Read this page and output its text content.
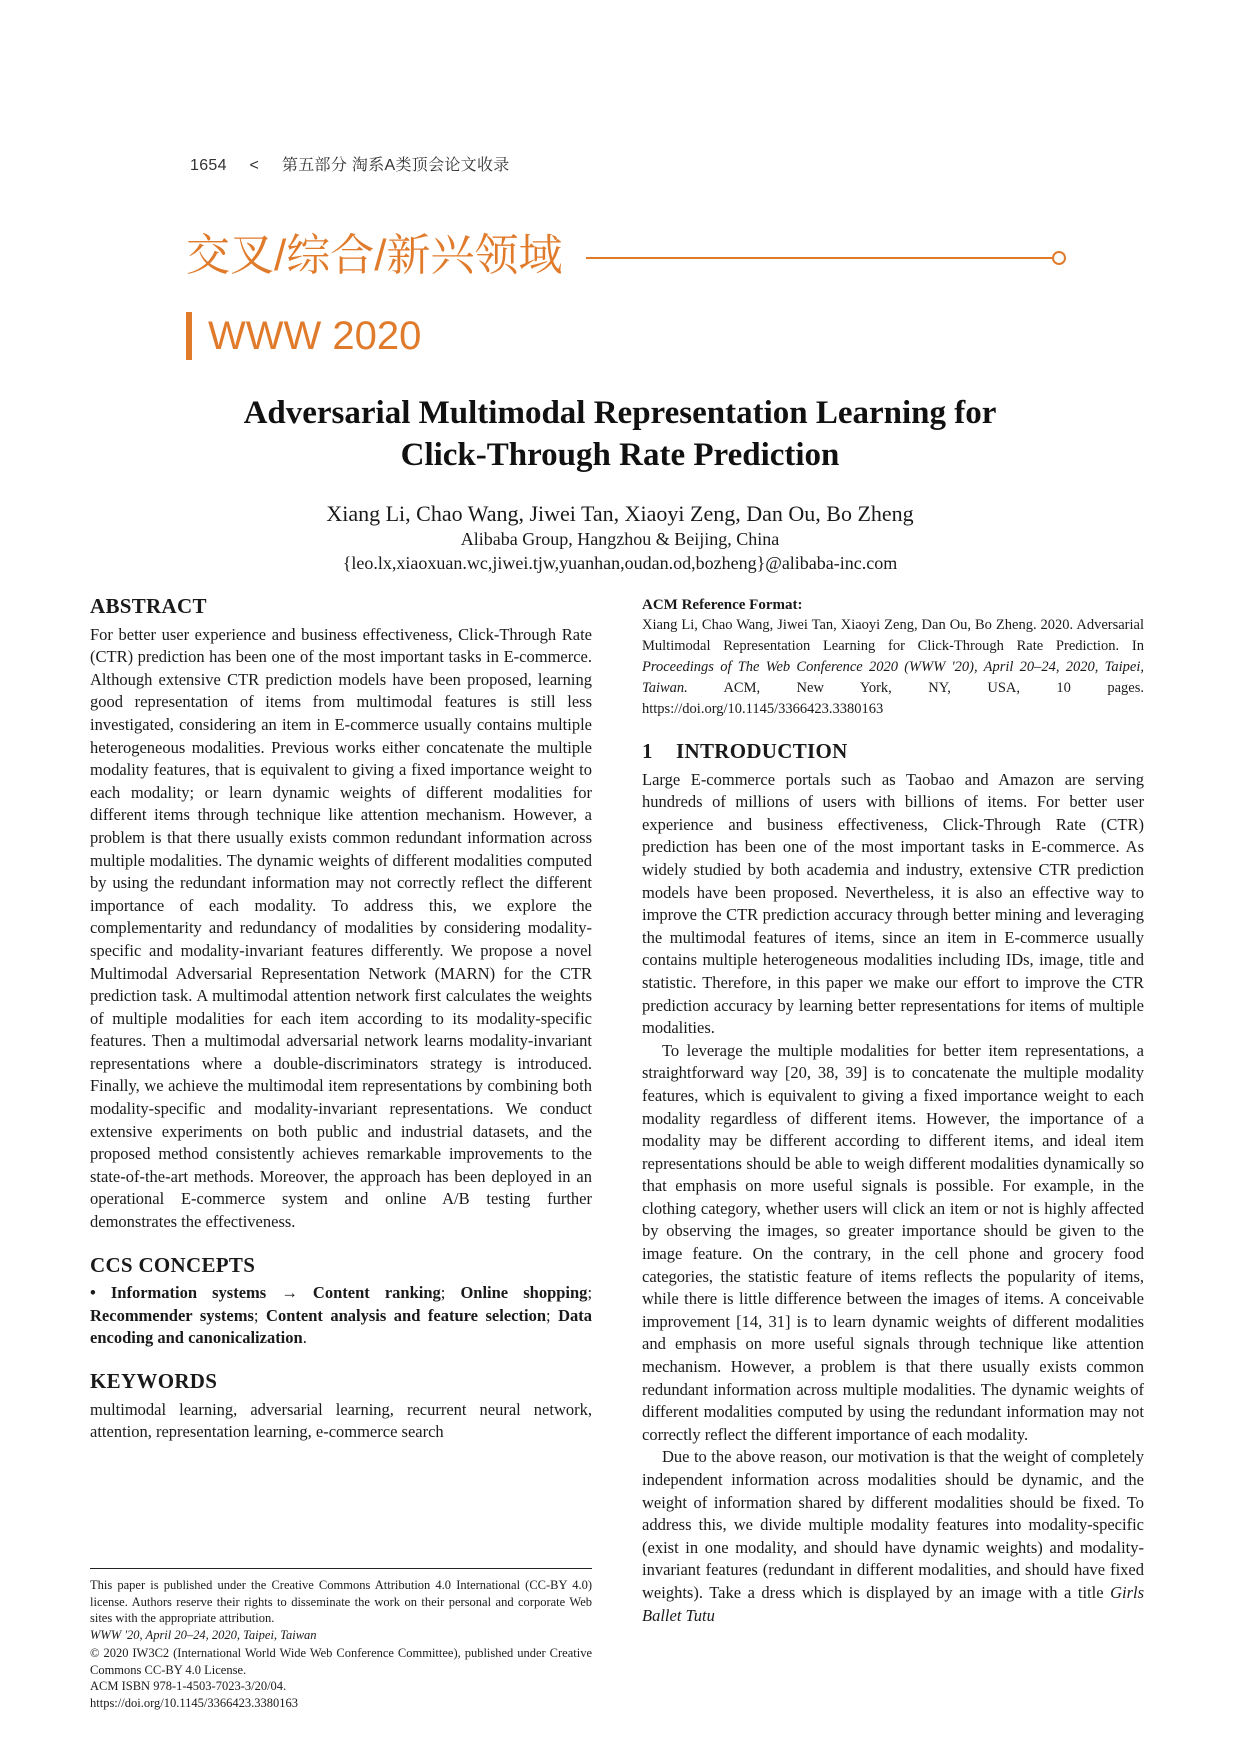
1654 < 第五部分 淘系A类顶会论文收录
交叉/综合/新兴领域
WWW 2020
Adversarial Multimodal Representation Learning for
Click-Through Rate Prediction
Xiang Li, Chao Wang, Jiwei Tan, Xiaoyi Zeng, Dan Ou, Bo Zheng
Alibaba Group, Hangzhou & Beijing, China
{leo.lx,xiaoxuan.wc,jiwei.tjw,yuanhan,oudan.od,bozheng}@alibaba-inc.com
ABSTRACT

For better user experience and business effectiveness, Click-Through Rate (CTR) prediction has been one of the most important tasks in E-commerce. Although extensive CTR prediction models have been proposed, learning good representation of items from multimodal features is still less investigated, considering an item in E-commerce usually contains multiple heterogeneous modalities. Previous works either concatenate the multiple modality features, that is equivalent to giving a fixed importance weight to each modality; or learn dynamic weights of different modalities for different items through technique like attention mechanism. However, a problem is that there usually exists common redundant information across multiple modalities. The dynamic weights of different modalities computed by using the redundant information may not correctly reflect the different importance of each modality. To address this, we explore the complementarity and redundancy of modalities by considering modality-specific and modality-invariant features differently. We propose a novel Multimodal Adversarial Representation Network (MARN) for the CTR prediction task. A multimodal attention network first calculates the weights of multiple modalities for each item according to its modality-specific features. Then a multimodal adversarial network learns modality-invariant representations where a double-discriminators strategy is introduced. Finally, we achieve the multimodal item representations by combining both modality-specific and modality-invariant representations. We conduct extensive experiments on both public and industrial datasets, and the proposed method consistently achieves remarkable improvements to the state-of-the-art methods. Moreover, the approach has been deployed in an operational E-commerce system and online A/B testing further demonstrates the effectiveness.

CCS CONCEPTS

• Information systems → Content ranking; Online shopping; Recommender systems; Content analysis and feature selection; Data encoding and canonicalization.

KEYWORDS

multimodal learning, adversarial learning, recurrent neural network, attention, representation learning, e-commerce search

This paper is published under the Creative Commons Attribution 4.0 International (CC-BY 4.0) license. Authors reserve their rights to disseminate the work on their personal and corporate Web sites with the appropriate attribution.

WWW '20, April 20–24, 2020, Taipei, Taiwan

© 2020 IW3C2 (International World Wide Web Conference Committee), published under Creative Commons CC-BY 4.0 License.

ACM ISBN 978-1-4503-7023-3/20/04.

https://doi.org/10.1145/3366423.3380163

ACM Reference Format:

Xiang Li, Chao Wang, Jiwei Tan, Xiaoyi Zeng, Dan Ou, Bo Zheng. 2020. Adversarial Multimodal Representation Learning for Click-Through Rate Prediction. In Proceedings of The Web Conference 2020 (WWW '20), April 20–24, 2020, Taipei, Taiwan. ACM, New York, NY, USA, 10 pages. https://doi.org/10.1145/3366423.3380163

1 INTRODUCTION

Large E-commerce portals such as Taobao and Amazon are serving hundreds of millions of users with billions of items. For better user experience and business effectiveness, Click-Through Rate (CTR) prediction has been one of the most important tasks in E-commerce. As widely studied by both academia and industry, extensive CTR prediction models have been proposed. Nevertheless, it is also an effective way to improve the CTR prediction accuracy through better mining and leveraging the multimodal features of items, since an item in E-commerce usually contains multiple heterogeneous modalities including IDs, image, title and statistic. Therefore, in this paper we make our effort to improve the CTR prediction accuracy by learning better representations for items of multiple modalities.

To leverage the multiple modalities for better item representations, a straightforward way [20, 38, 39] is to concatenate the multiple modality features, which is equivalent to giving a fixed importance weight to each modality regardless of different items. However, the importance of a modality may be different according to different items, and ideal item representations should be able to weigh different modalities dynamically so that emphasis on more useful signals is possible. For example, in the clothing category, whether users will click an item or not is highly affected by observing the images, so greater importance should be given to the image feature. On the contrary, in the cell phone and grocery food categories, the statistic feature of items reflects the popularity of items, while there is little difference between the images of items. A conceivable improvement [14, 31] is to learn dynamic weights of different modalities and emphasis on more useful signals through technique like attention mechanism. However, a problem is that there usually exists common redundant information across multiple modalities. The dynamic weights of different modalities computed by using the redundant information may not correctly reflect the different importance of each modality.

Due to the above reason, our motivation is that the weight of completely independent information across modalities should be dynamic, and the weight of information shared by different modalities should be fixed. To address this, we divide multiple modality features into modality-specific (exist in one modality, and should have dynamic weights) and modality-invariant features (redundant in different modalities, and should have fixed weights). Take a dress which is displayed by an image with a title Girls Ballet Tutu
